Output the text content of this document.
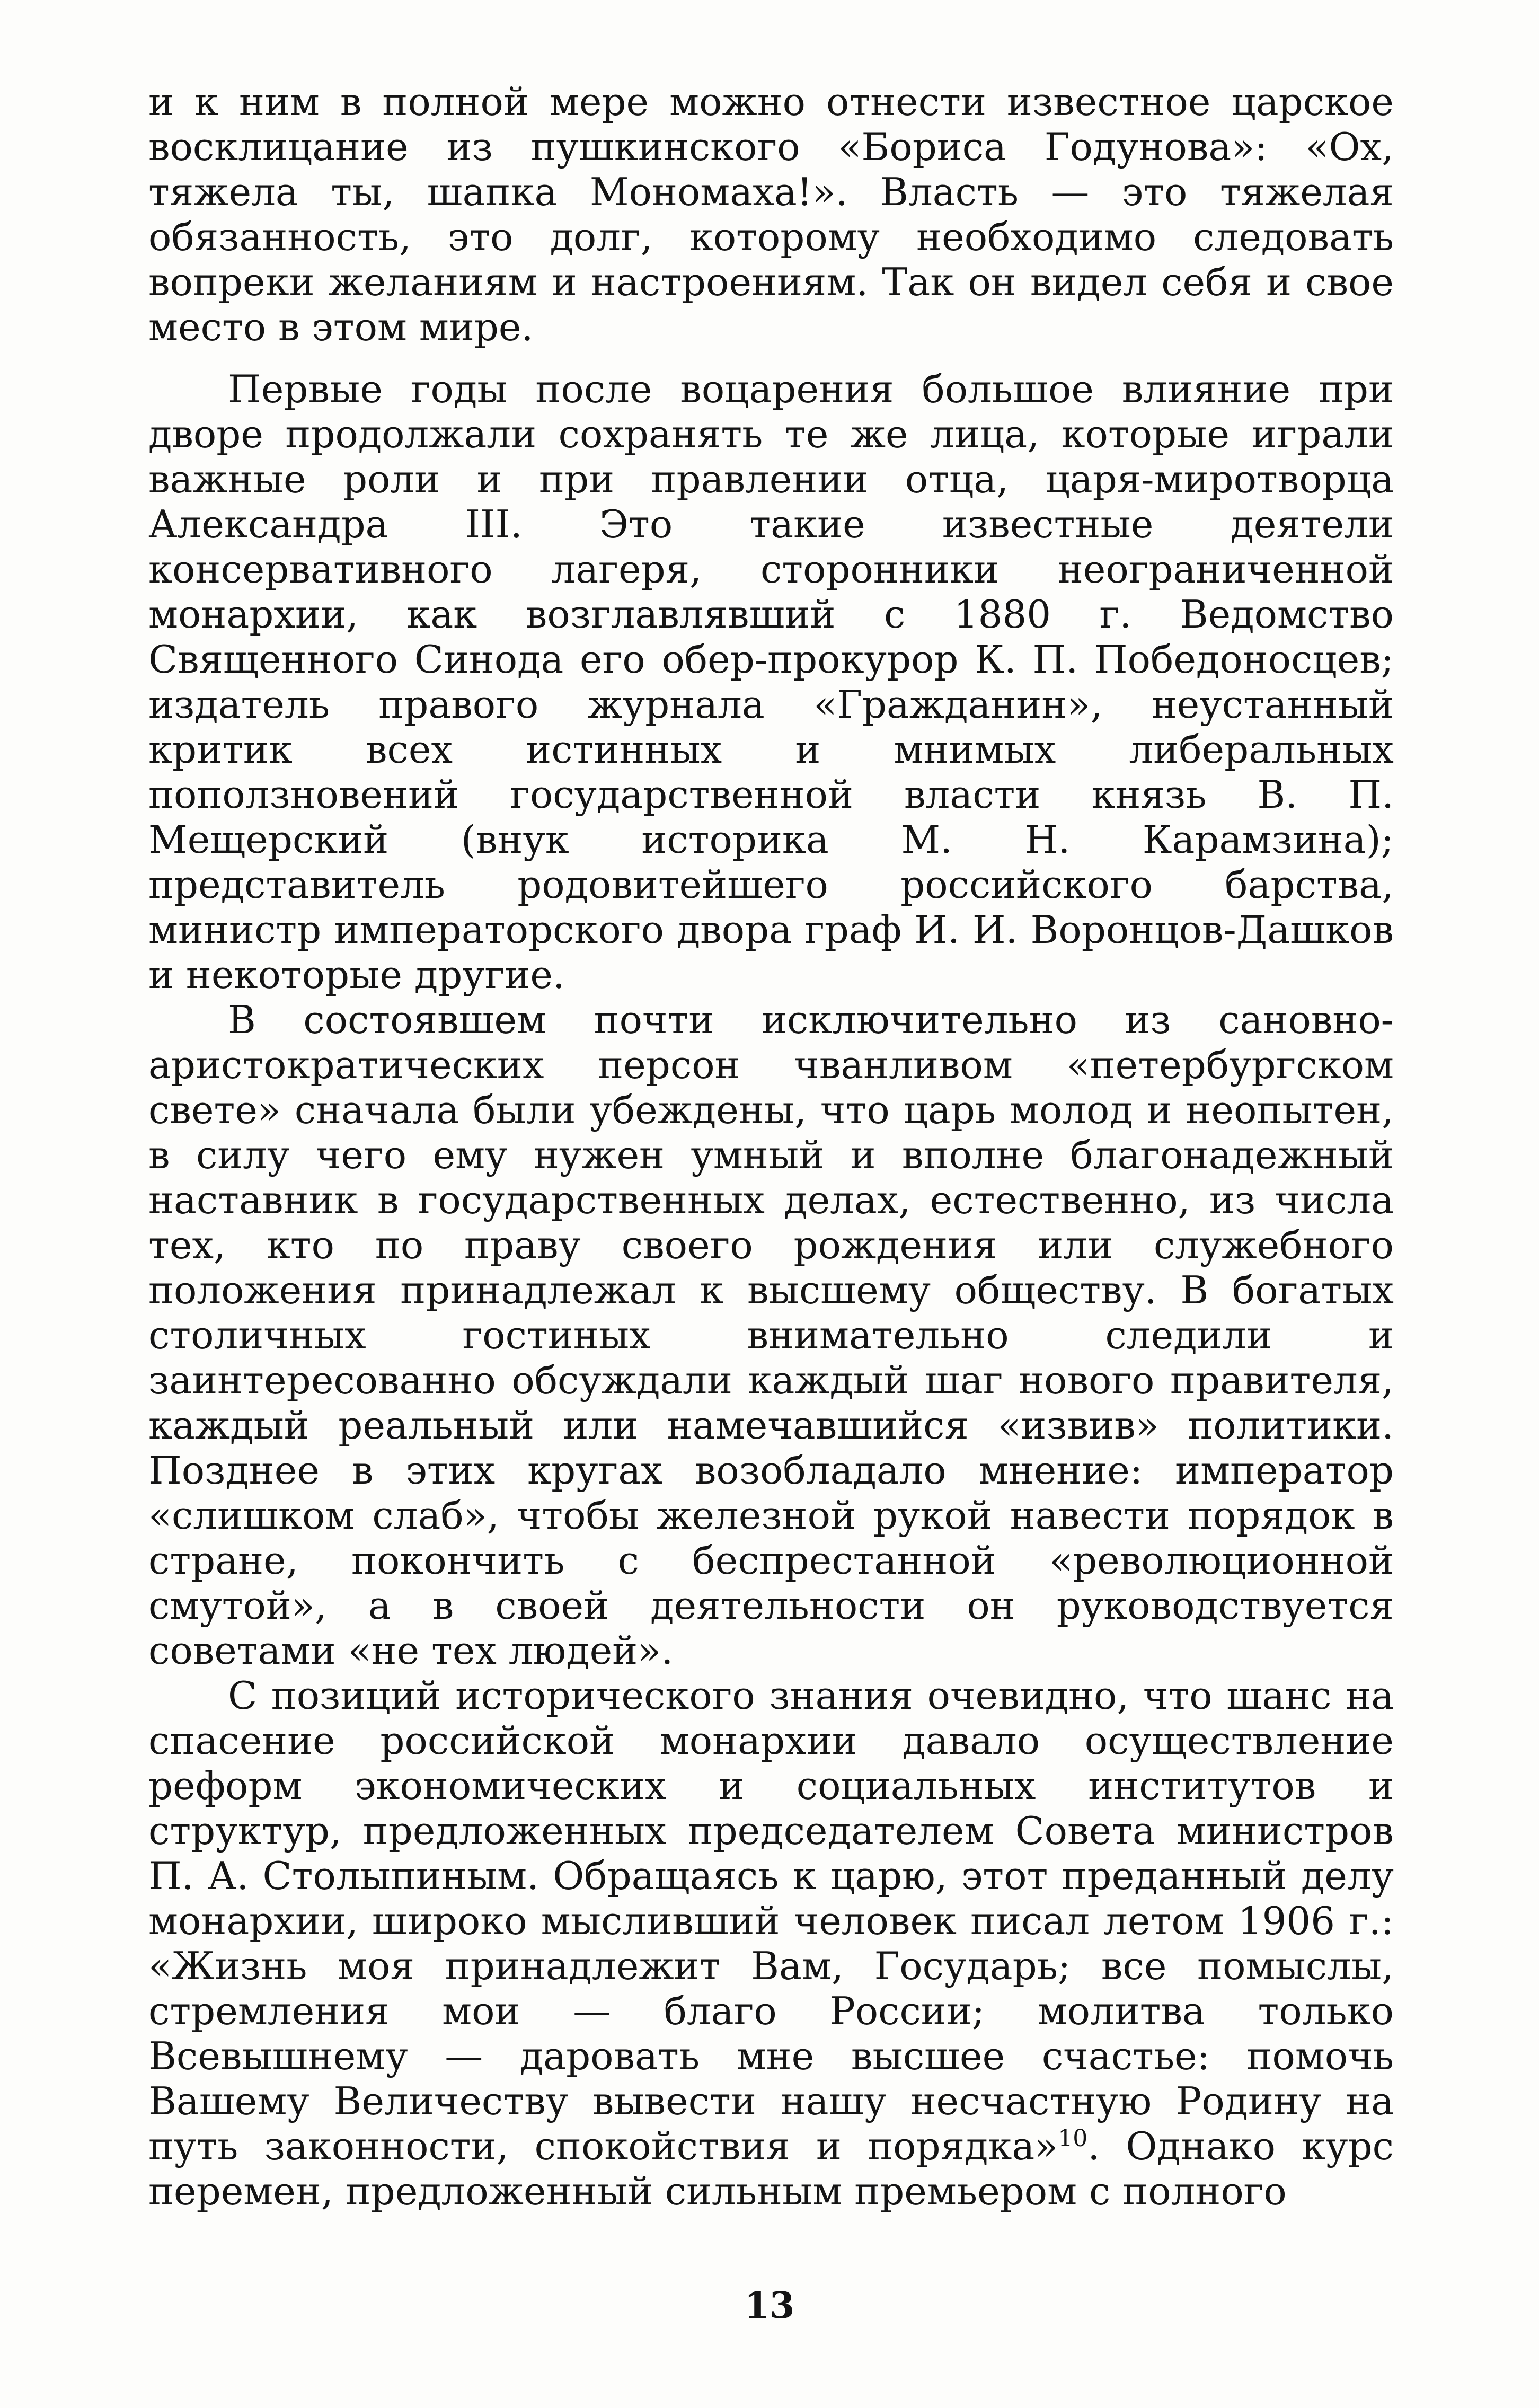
и к ним в полной мере можно отнести известное царское восклицание из пушкинского «Бориса Годунова»: «Ох, тяжела ты, шапка Мономаха!». Власть — это тяжелая обязанность, это долг, которому необходимо следовать вопреки желаниям и настроениям. Так он видел себя и свое место в этом мире.

Первые годы после воцарения большое влияние при дворе продолжали сохранять те же лица, которые играли важные роли и при правлении отца, царя-миротворца Александра III. Это такие известные деятели консервативного лагеря, сторонники неограниченной монархии, как возглавлявший с 1880 г. Ведомство Священного Синода его обер-прокурор К. П. Победоносцев; издатель правого журнала «Гражданин», неустанный критик всех истинных и мнимых либеральных поползновений государственной власти князь В. П. Мещерский (внук историка М. Н. Карамзина); представитель родовитейшего российского барства, министр императорского двора граф И. И. Воронцов-Дашков и некоторые другие.

В состоявшем почти исключительно из сановно-аристократических персон чванливом «петербургском свете» сначала были убеждены, что царь молод и неопытен, в силу чего ему нужен умный и вполне благонадежный наставник в государственных делах, естественно, из числа тех, кто по праву своего рождения или служебного положения принадлежал к высшему обществу. В богатых столичных гостиных внимательно следили и заинтересованно обсуждали каждый шаг нового правителя, каждый реальный или намечавшийся «извив» политики. Позднее в этих кругах возобладало мнение: император «слишком слаб», чтобы железной рукой навести порядок в стране, покончить с беспрестанной «революционной смутой», а в своей деятельности он руководствуется советами «не тех людей».

С позиций исторического знания очевидно, что шанс на спасение российской монархии давало осуществление реформ экономических и социальных институтов и структур, предложенных председателем Совета министров П. А. Столыпиным. Обращаясь к царю, этот преданный делу монархии, широко мысливший человек писал летом 1906 г.: «Жизнь моя принадлежит Вам, Государь; все помыслы, стремления мои — благо России; молитва только Всевышнему — даровать мне высшее счастье: помочь Вашему Величеству вывести нашу несчастную Родину на путь законности, спокойствия и порядка»$^{10}$. Однако курс перемен, предложенный сильным премьером с полного

13
